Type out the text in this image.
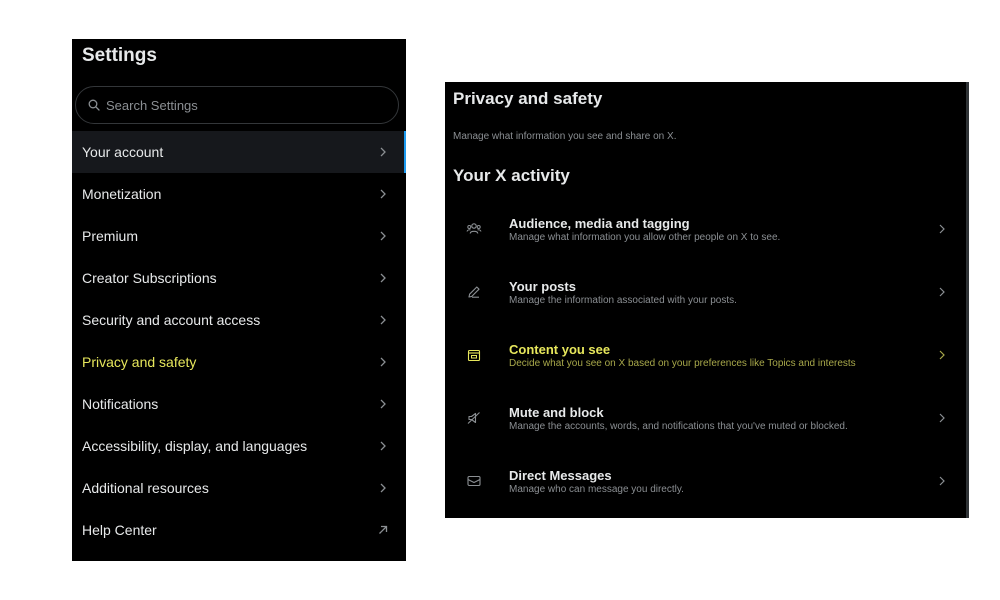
Settings
Search Settings
Your account
Monetization
Premium
Creator Subscriptions
Security and account access
Privacy and safety
Notifications
Accessibility, display, and languages
Additional resources
Help Center
Privacy and safety
Manage what information you see and share on X.
Your X activity
Audience, media and tagging
Manage what information you allow other people on X to see.
Your posts
Manage the information associated with your posts.
Content you see
Decide what you see on X based on your preferences like Topics and interests
Mute and block
Manage the accounts, words, and notifications that you've muted or blocked.
Direct Messages
Manage who can message you directly.
